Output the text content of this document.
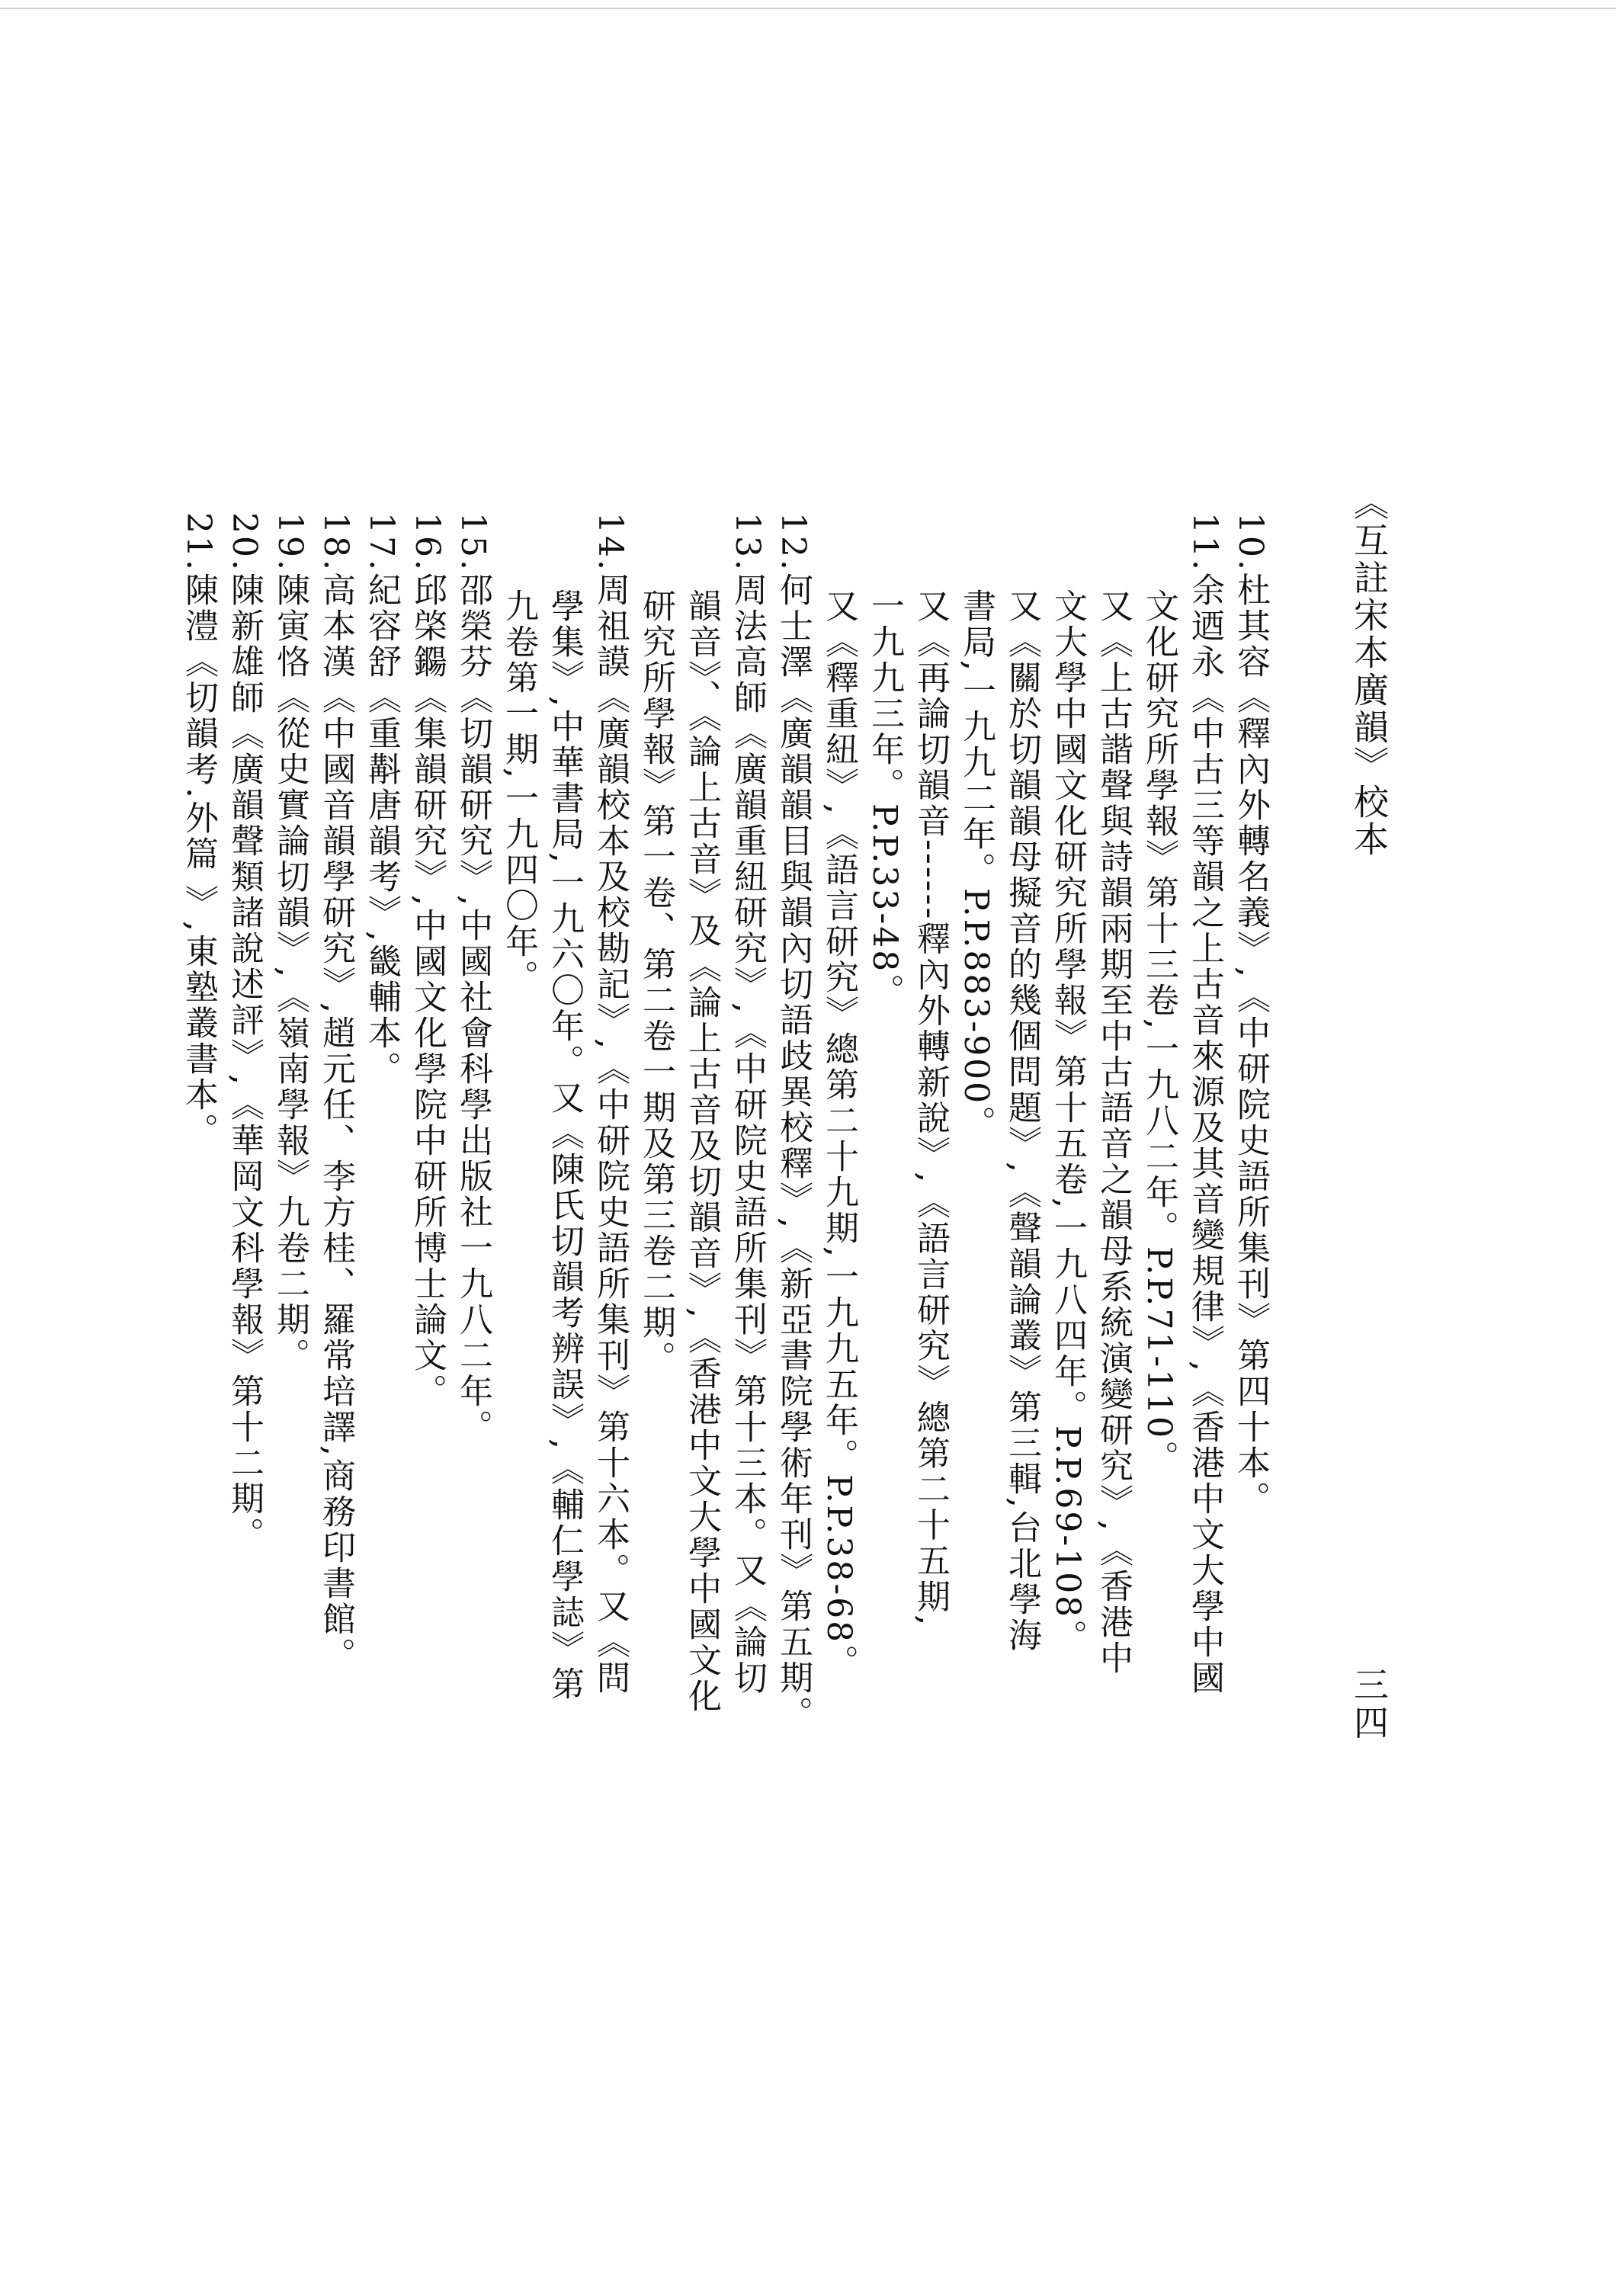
《互註宋本廣韻》校本
三四
10.杜其容《釋內外轉名義》,《中研院史語所集刊》第四十本。
11.余迺永《中古三等韻之上古音來源及其音變規律》,《香港中文大學中國
文化研究所學報》第十三卷,一九八二年。P.P.71-110。
又《上古諧聲與詩韻兩期至中古語音之韻母系統演變研究》,《香港中
文大學中國文化研究所學報》第十五卷,一九八四年。P.P.69-108。
又《關於切韻韻母擬音的幾個問題》,《聲韻論叢》第三輯,台北學海
書局,一九九二年。P.P.883-900。
又《再論切韻音------釋內外轉新說》,《語言研究》總第二十五期,
一九九三年。P.P.33-48。
又《釋重紐》,《語言研究》總第二十九期,一九九五年。P.P.38-68。
12.何士澤《廣韻韻目與韻內切語歧異校釋》,《新亞書院學術年刊》第五期。
13.周法高師《廣韻重紐研究》,《中研院史語所集刊》第十三本。又《論切
韻音》、《論上古音》及《論上古音及切韻音》,《香港中文大學中國文化
研究所學報》第一卷、第二卷一期及第三卷二期。
14.周祖謨《廣韻校本及校勘記》,《中研院史語所集刊》第十六本。又《問
學集》,中華書局,一九六〇年。又《陳氏切韻考辨誤》,《輔仁學誌》第
九卷第一期,一九四〇年。
15.邵榮芬《切韻研究》,中國社會科學出版社一九八二年。
16.邱棨鐊《集韻研究》,中國文化學院中研所博士論文。
17.紀容舒《重斠唐韻考》,畿輔本。
18.高本漢《中國音韻學研究》,趙元任、李方桂、羅常培譯,商務印書館。
19.陳寅恪《從史實論切韻》,《嶺南學報》九卷二期。
20.陳新雄師《廣韻聲類諸說述評》,《華岡文科學報》第十二期。
21.陳澧《切韻考.外篇 》,東塾叢書本。
